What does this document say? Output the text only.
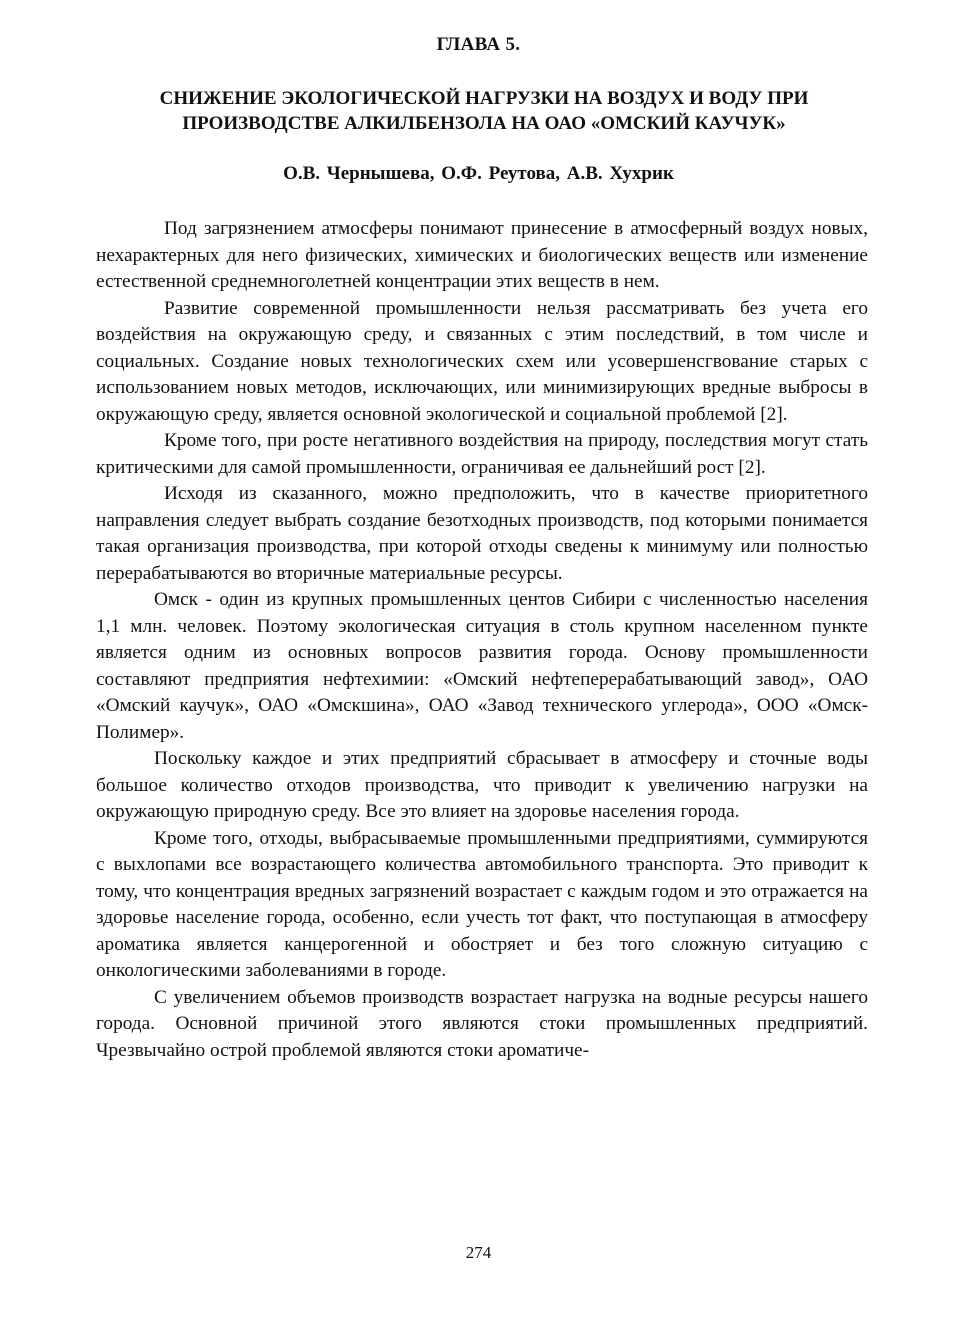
ГЛАВА 5.
СНИЖЕНИЕ ЭКОЛОГИЧЕСКОЙ НАГРУЗКИ НА ВОЗДУХ И ВОДУ ПРИ
ПРОИЗВОДСТВЕ АЛКИЛБЕНЗОЛА НА ОАО «ОМСКИЙ КАУЧУК»
О.В. Чернышева, О.Ф. Реутова, А.В. Хухрик

Под загрязнением атмосферы понимают принесение в атмосферный воздух новых, нехарактерных для него физических, химических и биологических веществ или изменение естественной среднемноголетней концентрации этих веществ в нем.

Развитие современной промышленности нельзя рассматривать без учета его воздействия на окружающую среду, и связанных с этим последствий, в том числе и социальных. Создание новых технологических схем или усовершенсгвование старых с использованием новых методов, исключающих, или минимизирующих вредные выбросы в окружающую среду, является основной экологической и социальной проблемой [2].

Кроме того, при росте негативного воздействия на природу, последствия могут стать критическими для самой промышленности, ограничивая ее дальнейший рост [2].

Исходя из сказанного, можно предположить, что в качестве приоритетного направления следует выбрать создание безотходных производств, под которыми понимается такая организация производства, при которой отходы сведены к минимуму или полностью перерабатываются во вторичные материальные ресурсы.

Омск - один из крупных промышленных центов Сибири с численностью населения 1,1 млн. человек. Поэтому экологическая ситуация в столь крупном населенном пункте является одним из основных вопросов развития города. Основу промышленности составляют предприятия нефтехимии: «Омский нефтеперерабатывающий завод», ОАО «Омский каучук», ОАО «Омскшина», ОАО «Завод технического углерода», ООО «Омск-Полимер».

Поскольку каждое и этих предприятий сбрасывает в атмосферу и сточные воды большое количество отходов производства, что приводит к увеличению нагрузки на окружающую природную среду. Все это влияет на здоровье населения города.

Кроме того, отходы, выбрасываемые промышленными предприятиями, суммируются с выхлопами все возрастающего количества автомобильного транспорта. Это приводит к тому, что концентрация вредных загрязнений возрастает с каждым годом и это отражается на здоровье население города, особенно, если учесть тот факт, что поступающая в атмосферу ароматика является канцерогенной и обостряет и без того сложную ситуацию с онкологическими заболеваниями в городе.

С увеличением объемов производств возрастает нагрузка на водные ресурсы нашего города. Основной причиной этого являются стоки промышленных предприятий. Чрезвычайно острой проблемой являются стоки ароматиче-

274
